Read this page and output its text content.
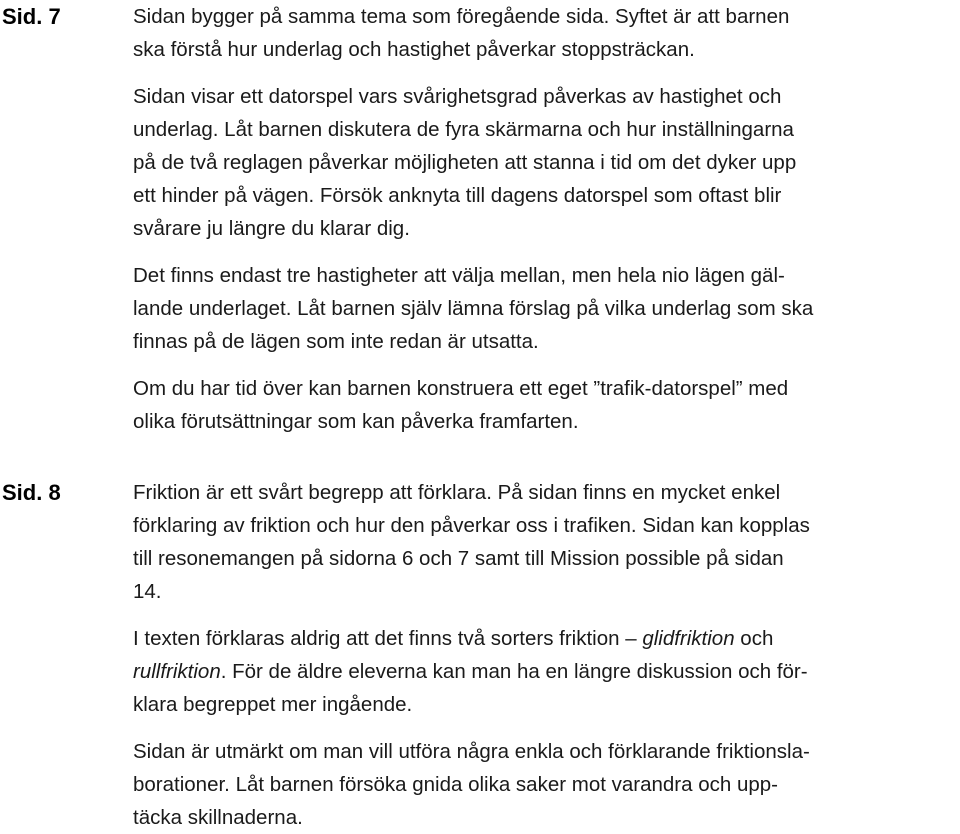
Sid. 7	Sidan bygger på samma tema som föregående sida. Syftet är att barnen
ska förstå hur underlag och hastighet påverkar stoppsträckan.

Sidan visar ett datorspel vars svårighetsgrad påverkas av hastighet och
underlag. Låt barnen diskutera de fyra skärmarna och hur inställningarna
på de två reglagen påverkar möjligheten att stanna i tid om det dyker upp
ett hinder på vägen. Försök anknyta till dagens datorspel som oftast blir
svårare ju längre du klarar dig.

Det finns endast tre hastigheter att välja mellan, men hela nio lägen gäl-
lande underlaget. Låt barnen själv lämna förslag på vilka underlag som ska
finnas på de lägen som inte redan är utsatta.

Om du har tid över kan barnen konstruera ett eget ”trafik-datorspel” med
olika förutsättningar som kan påverka framfarten.

Sid. 8	Friktion är ett svårt begrepp att förklara. På sidan finns en mycket enkel
förklaring av friktion och hur den påverkar oss i trafiken. Sidan kan kopplas
till resonemangen på sidorna 6 och 7 samt till Mission possible på sidan
14.

I texten förklaras aldrig att det finns två sorters friktion – glidfriktion och
rullfriktion. För de äldre eleverna kan man ha en längre diskussion och för-
klara begreppet mer ingående.

Sidan är utmärkt om man vill utföra några enkla och förklarande friktionsla-
borationer. Låt barnen försöka gnida olika saker mot varandra och upp-
täcka skillnaderna.
